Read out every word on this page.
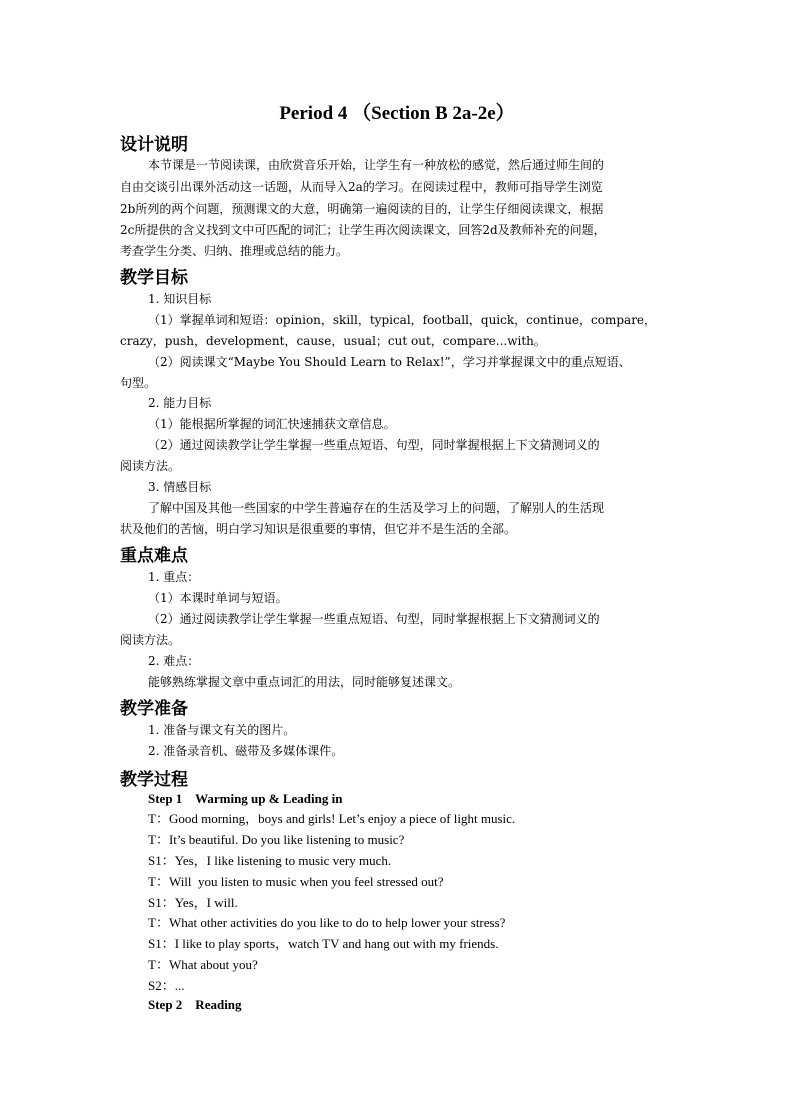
Period 4 （Section B 2a-2e）
设计说明
本节课是一节阅读课，由欣赏音乐开始，让学生有一种放松的感觉，然后通过师生间的
自由交谈引出课外活动这一话题，从而导入2a的学习。在阅读过程中，教师可指导学生浏览
2b所列的两个问题，预测课文的大意，明确第一遍阅读的目的，让学生仔细阅读课文，根据
2c所提供的含义找到文中可匹配的词汇；让学生再次阅读课文，回答2d及教师补充的问题，
考查学生分类、归纳、推理或总结的能力。
教学目标
1. 知识目标
（1）掌握单词和短语：opinion，skill，typical，football，quick，continue，compare，
crazy，push，development，cause，usual；cut out，compare...with。
（2）阅读课文“Maybe You Should Learn to Relax!”，学习并掌握课文中的重点短语、
句型。
2. 能力目标
（1）能根据所掌握的词汇快速捕获文章信息。
（2）通过阅读教学让学生掌握一些重点短语、句型，同时掌握根据上下文猜测词义的
阅读方法。
3. 情感目标
了解中国及其他一些国家的中学生普遍存在的生活及学习上的问题，了解别人的生活现
状及他们的苦恼，明白学习知识是很重要的事情，但它并不是生活的全部。
重点难点
1. 重点：
（1）本课时单词与短语。
（2）通过阅读教学让学生掌握一些重点短语、句型，同时掌握根据上下文猜测词义的
阅读方法。
2. 难点：
能够熟练掌握文章中重点词汇的用法，同时能够复述课文。
教学准备
1. 准备与课文有关的图片。
2. 准备录音机、磁带及多媒体课件。
教学过程
Step 1    Warming up & Leading in
T：Good morning，boys and girls! Let’s enjoy a piece of light music.
T：It’s beautiful. Do you like listening to music?
S1：Yes，I like listening to music very much.
T：Will  you listen to music when you feel stressed out?
S1：Yes，I will.
T：What other activities do you like to do to help lower your stress?
S1：I like to play sports，watch TV and hang out with my friends.
T：What about you?
S2：...
Step 2    Reading
